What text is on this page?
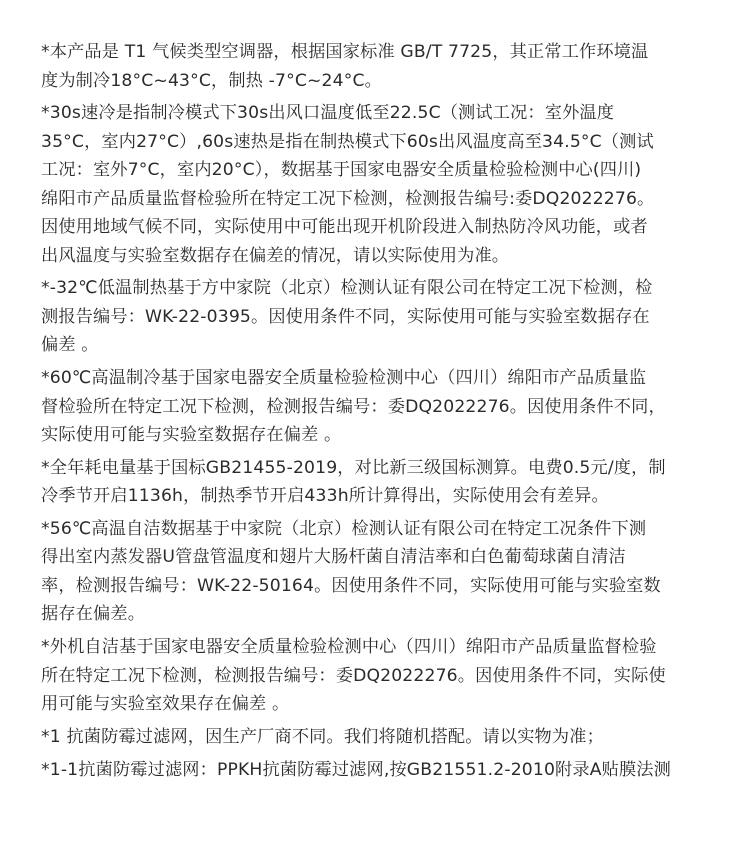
*本产品是 T1 气候类型空调器，根据国家标准 GB/T 7725，其正常工作环境温
度为制冷18°C~43°C，制热 -7°C~24°C。
*30s速冷是指制冷模式下30s出风口温度低至22.5C（测试工况：室外温度
35°C，室内27°C）,60s速热是指在制热模式下60s出风温度高至34.5°C（测试
工况：室外7°C，室内20°C），数据基于国家电器安全质量检验检测中心(四川)
绵阳市产品质量监督检验所在特定工况下检测，检测报告编号:委DQ2022276。
因使用地域气候不同，实际使用中可能出现开机阶段进入制热防冷风功能，或者
出风温度与实验室数据存在偏差的情况，请以实际使用为准。
*-32℃低温制热基于方中家院（北京）检测认证有限公司在特定工况下检测，检
测报告编号：WK-22-0395。因使用条件不同，实际使用可能与实验室数据存在
偏差 。
*60℃高温制冷基于国家电器安全质量检验检测中心（四川）绵阳市产品质量监
督检验所在特定工况下检测，检测报告编号：委DQ2022276。因使用条件不同，
实际使用可能与实验室数据存在偏差 。
*全年耗电量基于国标GB21455-2019，对比新三级国标测算。电费0.5元/度，制
冷季节开启1136h，制热季节开启433h所计算得出，实际使用会有差异。
*56℃高温自洁数据基于中家院（北京）检测认证有限公司在特定工况条件下测
得出室内蒸发器U管盘管温度和翅片大肠杆菌自清洁率和白色葡萄球菌自清洁
率，检测报告编号：WK-22-50164。因使用条件不同，实际使用可能与实验室数
据存在偏差。
*外机自洁基于国家电器安全质量检验检测中心（四川）绵阳市产品质量监督检验
所在特定工况下检测，检测报告编号：委DQ2022276。因使用条件不同，实际使
用可能与实验室效果存在偏差 。
*1 抗菌防霉过滤网，因生产厂商不同。我们将随机搭配。请以实物为准；
*1-1抗菌防霉过滤网：PPKH抗菌防霉过滤网,按GB21551.2-2010附录A贴膜法测
